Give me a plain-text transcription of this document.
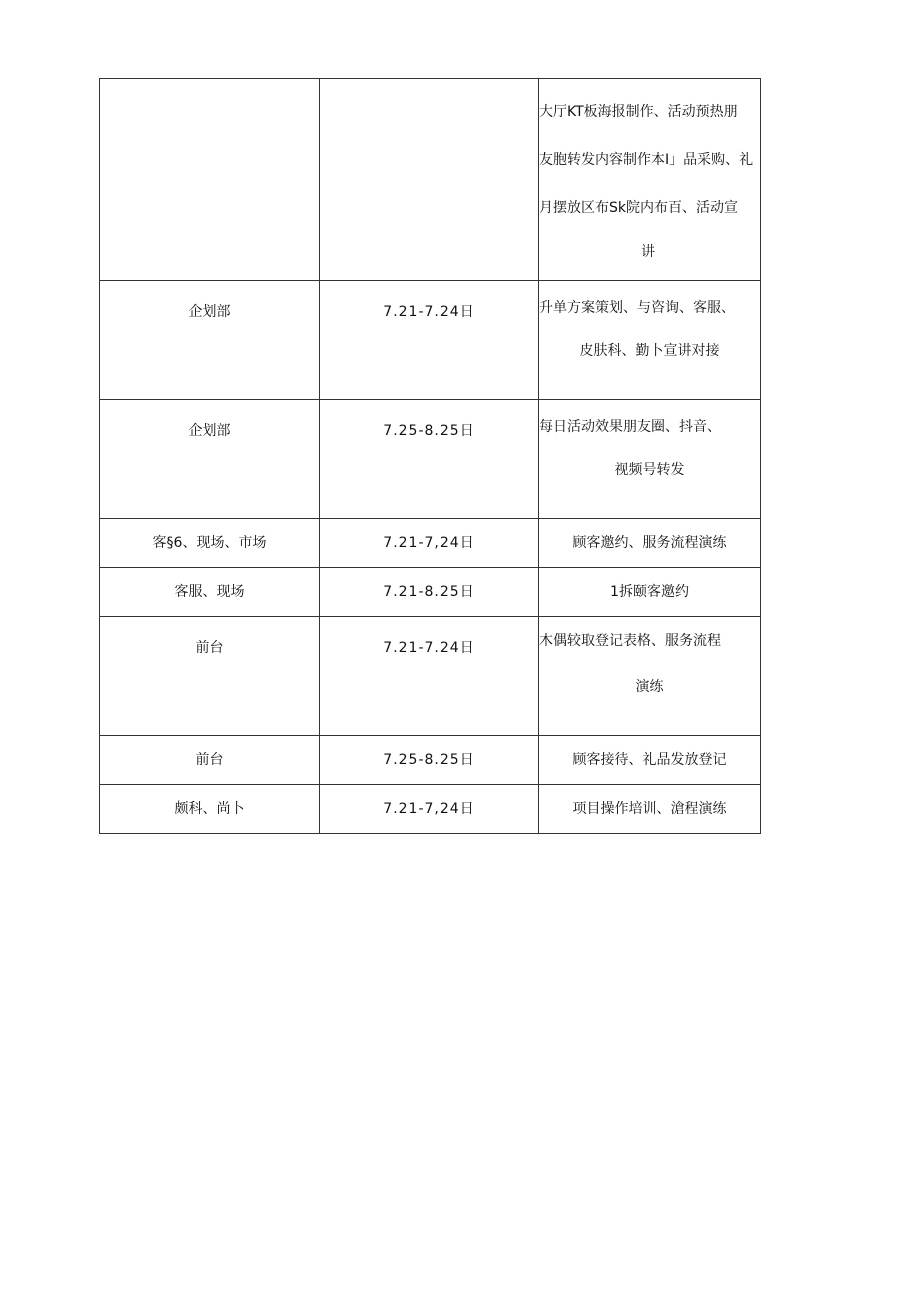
		大厅KT板海报制作、活动预热朋
友胞转发内容制作本I」品采购、礼
月摆放区布Sk院内布百、活动宣
讲

企划部	7.21-7.24日	升单方案策划、与咨询、客服、
皮肤科、勤卜宣讲对接

企划部	7.25-8.25日	每日活动效果朋友圈、抖音、
视频号转发

客§6、现场、市场	7.21-7,24日	顾客邀约、服务流程演练

客服、现场	7.21-8.25日	1拆颐客邀约

前台	7.21-7.24日	木偶较取登记表格、服务流程
演练

前台	7.25-8.25日	顾客接待、礼品发放登记

颇科、尚卜	7.21-7,24日	项目操作培训、滄程演练
